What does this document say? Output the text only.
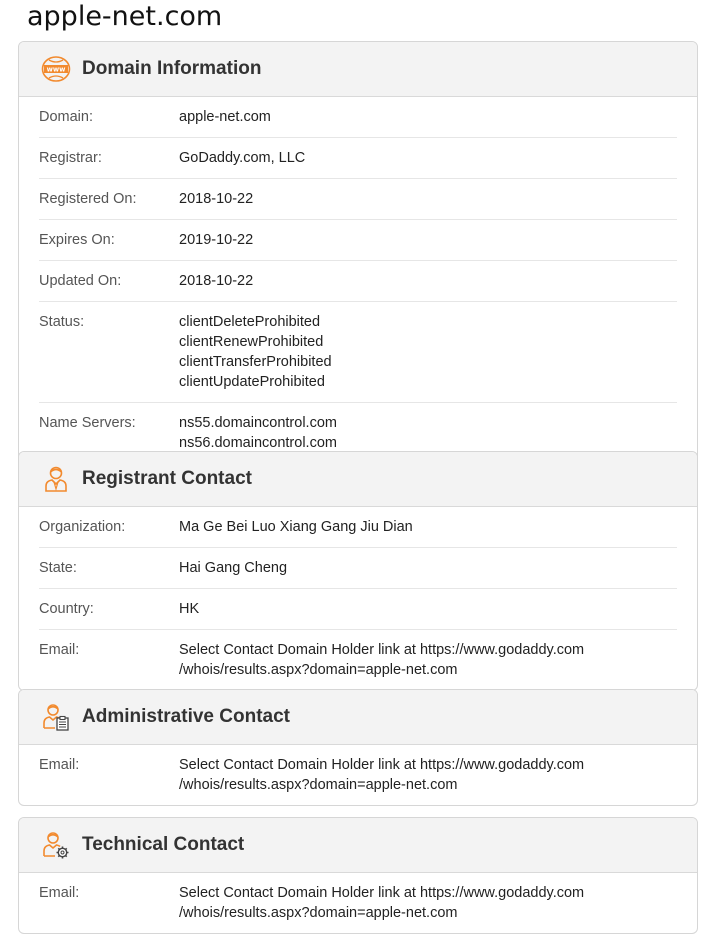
apple-net.com
www Domain Information
Domain:	apple-net.com
Registrar:	GoDaddy.com, LLC
Registered On:	2018-10-22
Expires On:	2019-10-22
Updated On:	2018-10-22
Status:	clientDeleteProhibited
clientRenewProhibited
clientTransferProhibited
clientUpdateProhibited
Name Servers:	ns55.domaincontrol.com
ns56.domaincontrol.com
Registrant Contact
Organization:	Ma Ge Bei Luo Xiang Gang Jiu Dian
State:	Hai Gang Cheng
Country:	HK
Email:	Select Contact Domain Holder link at https://www.godaddy.com
/whois/results.aspx?domain=apple-net.com
Administrative Contact
Email:	Select Contact Domain Holder link at https://www.godaddy.com
/whois/results.aspx?domain=apple-net.com
Technical Contact
Email:	Select Contact Domain Holder link at https://www.godaddy.com
/whois/results.aspx?domain=apple-net.com
